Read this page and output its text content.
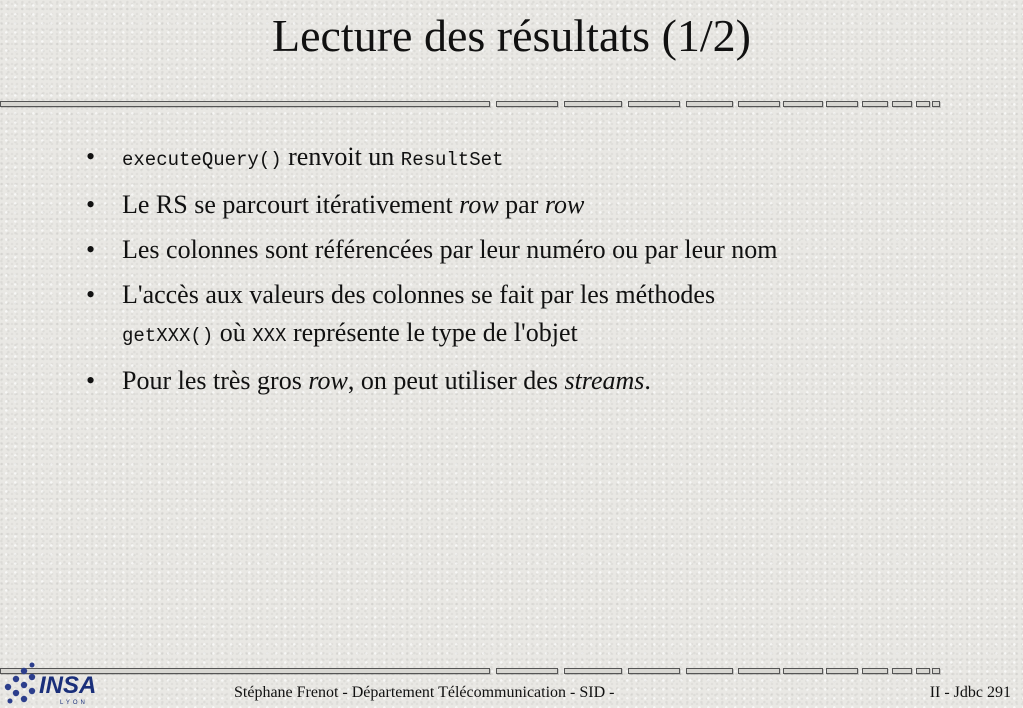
Lecture des résultats (1/2)
• executeQuery() renvoit un ResultSet
• Le RS se parcourt itérativement row par row
• Les colonnes sont référencées par leur numéro ou par leur nom
• L'accès aux valeurs des colonnes se fait par les méthodes
getXXX() où XXX représente le type de l'objet
• Pour les très gros row, on peut utiliser des streams.
INSA
LYON
Stéphane Frenot - Département Télécommunication - SID -	II - Jdbc 291
